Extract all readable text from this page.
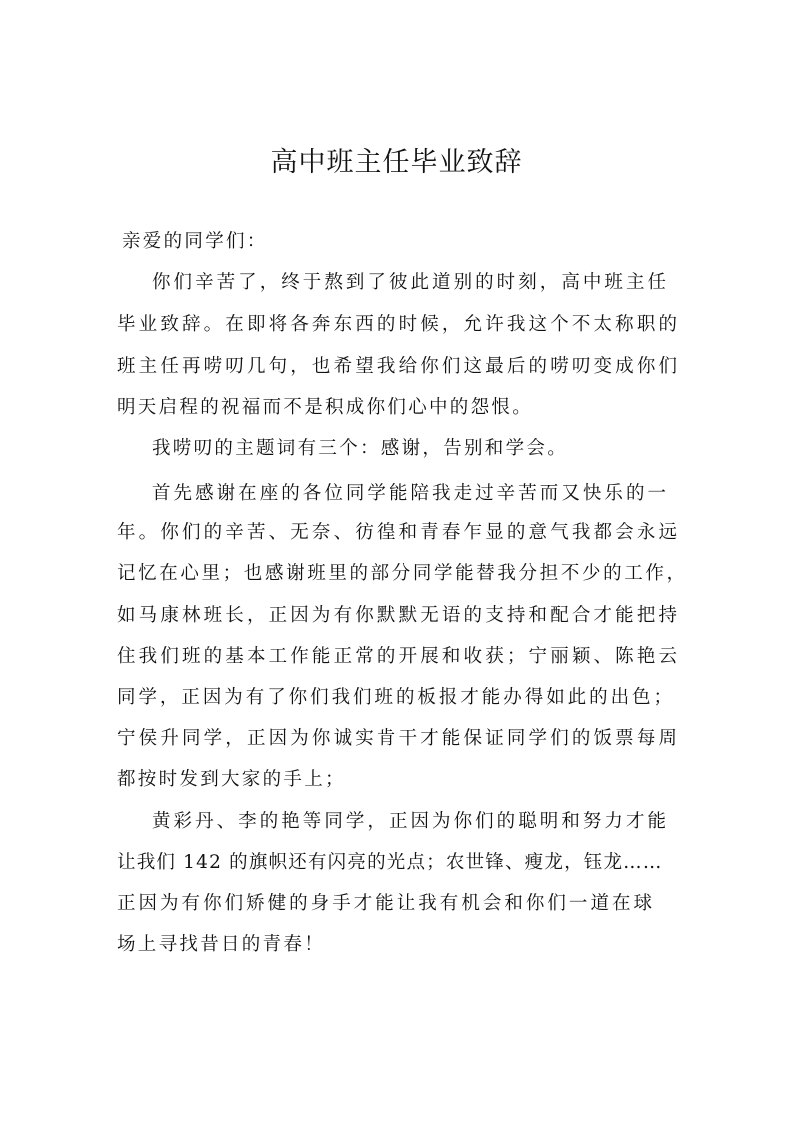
高中班主任毕业致辞
亲爱的同学们：
你们辛苦了，终于熬到了彼此道别的时刻，高中班主任
毕业致辞。在即将各奔东西的时候，允许我这个不太称职的
班主任再唠叨几句，也希望我给你们这最后的唠叨变成你们
明天启程的祝福而不是积成你们心中的怨恨。
我唠叨的主题词有三个：感谢，告别和学会。
首先感谢在座的各位同学能陪我走过辛苦而又快乐的一
年。你们的辛苦、无奈、彷徨和青春乍显的意气我都会永远
记忆在心里；也感谢班里的部分同学能替我分担不少的工作，
如马康林班长，正因为有你默默无语的支持和配合才能把持
住我们班的基本工作能正常的开展和收获；宁丽颖、陈艳云
同学，正因为有了你们我们班的板报才能办得如此的出色；
宁侯升同学，正因为你诚实肯干才能保证同学们的饭票每周
都按时发到大家的手上；
黄彩丹、李的艳等同学，正因为你们的聪明和努力才能
让我们 142 的旗帜还有闪亮的光点；农世锋、瘦龙，钰龙……
正因为有你们矫健的身手才能让我有机会和你们一道在球
场上寻找昔日的青春！
